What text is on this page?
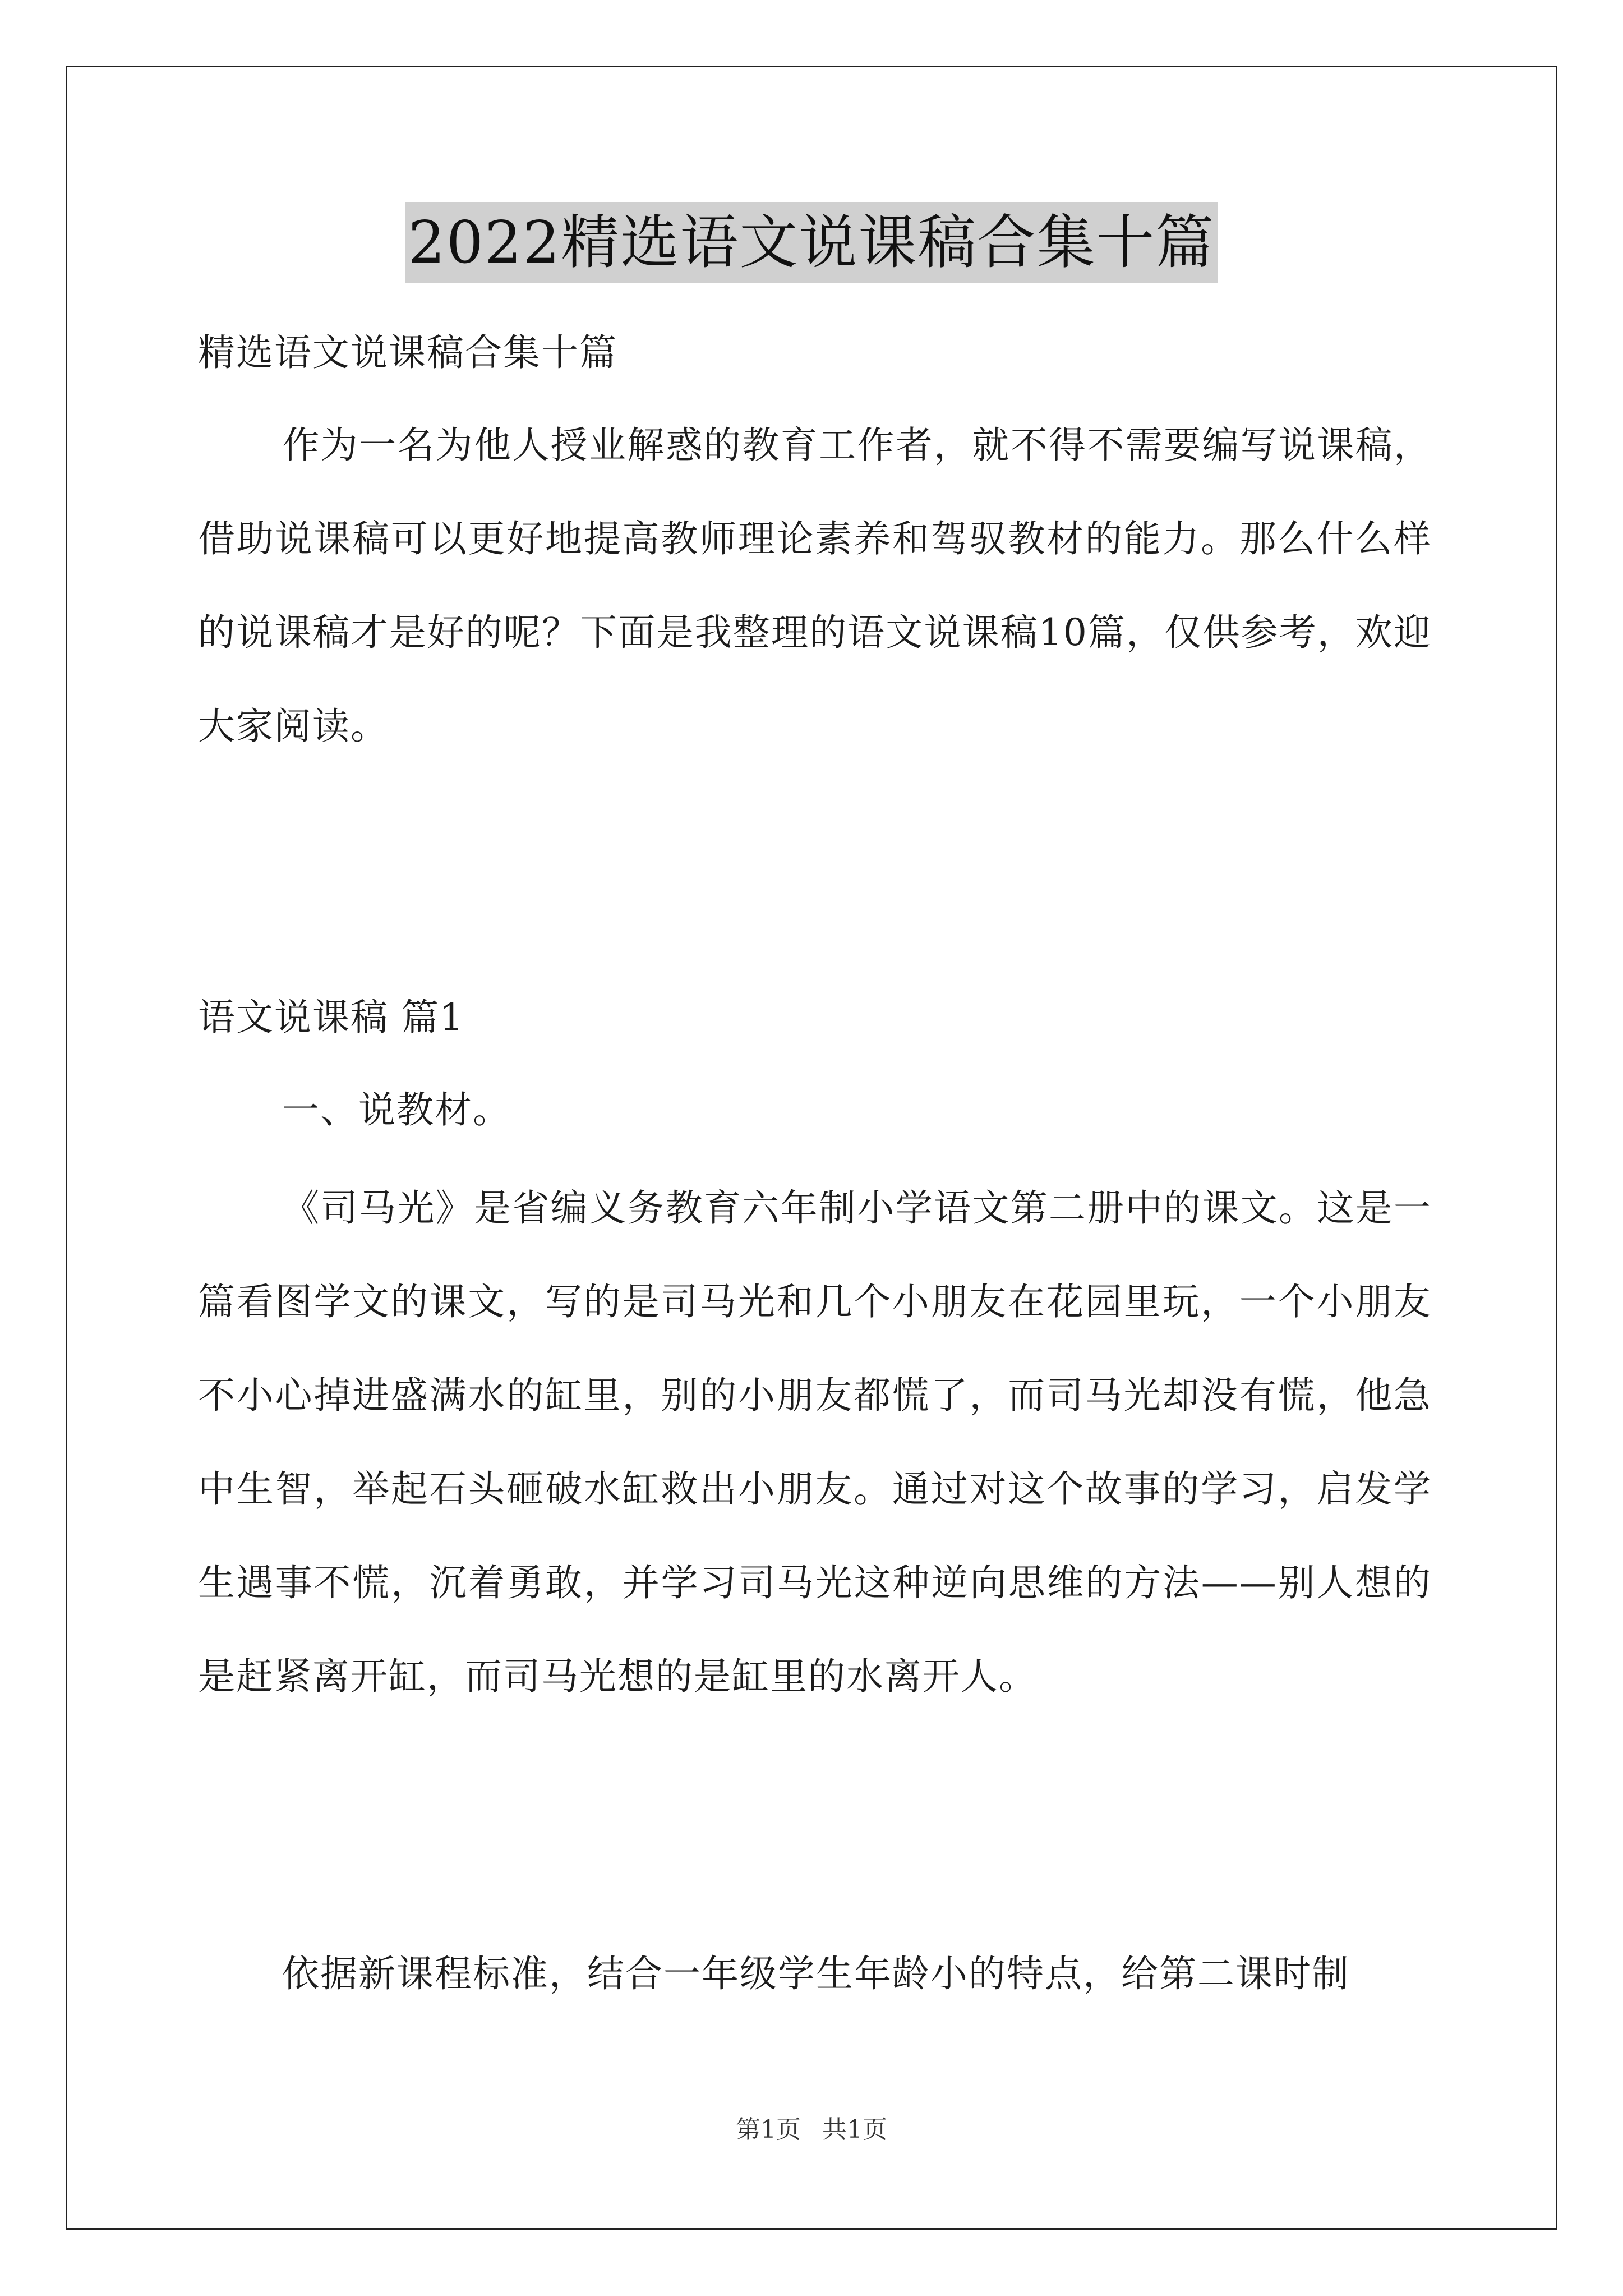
2022精选语文说课稿合集十篇
精选语文说课稿合集十篇
作为一名为他人授业解惑的教育工作者，就不得不需要编写说课稿，借助说课稿可以更好地提高教师理论素养和驾驭教材的能力。那么什么样的说课稿才是好的呢？下面是我整理的语文说课稿10篇，仅供参考，欢迎大家阅读。
语文说课稿 篇1
一、说教材。
《司马光》是省编义务教育六年制小学语文第二册中的课文。这是一篇看图学文的课文，写的是司马光和几个小朋友在花园里玩，一个小朋友不小心掉进盛满水的缸里，别的小朋友都慌了，而司马光却没有慌，他急中生智，举起石头砸破水缸救出小朋友。通过对这个故事的学习，启发学生遇事不慌，沉着勇敢，并学习司马光这种逆向思维的方法——别人想的是赶紧离开缸，而司马光想的是缸里的水离开人。
依据新课程标准，结合一年级学生年龄小的特点，给第二课时制
第1页 共1页
